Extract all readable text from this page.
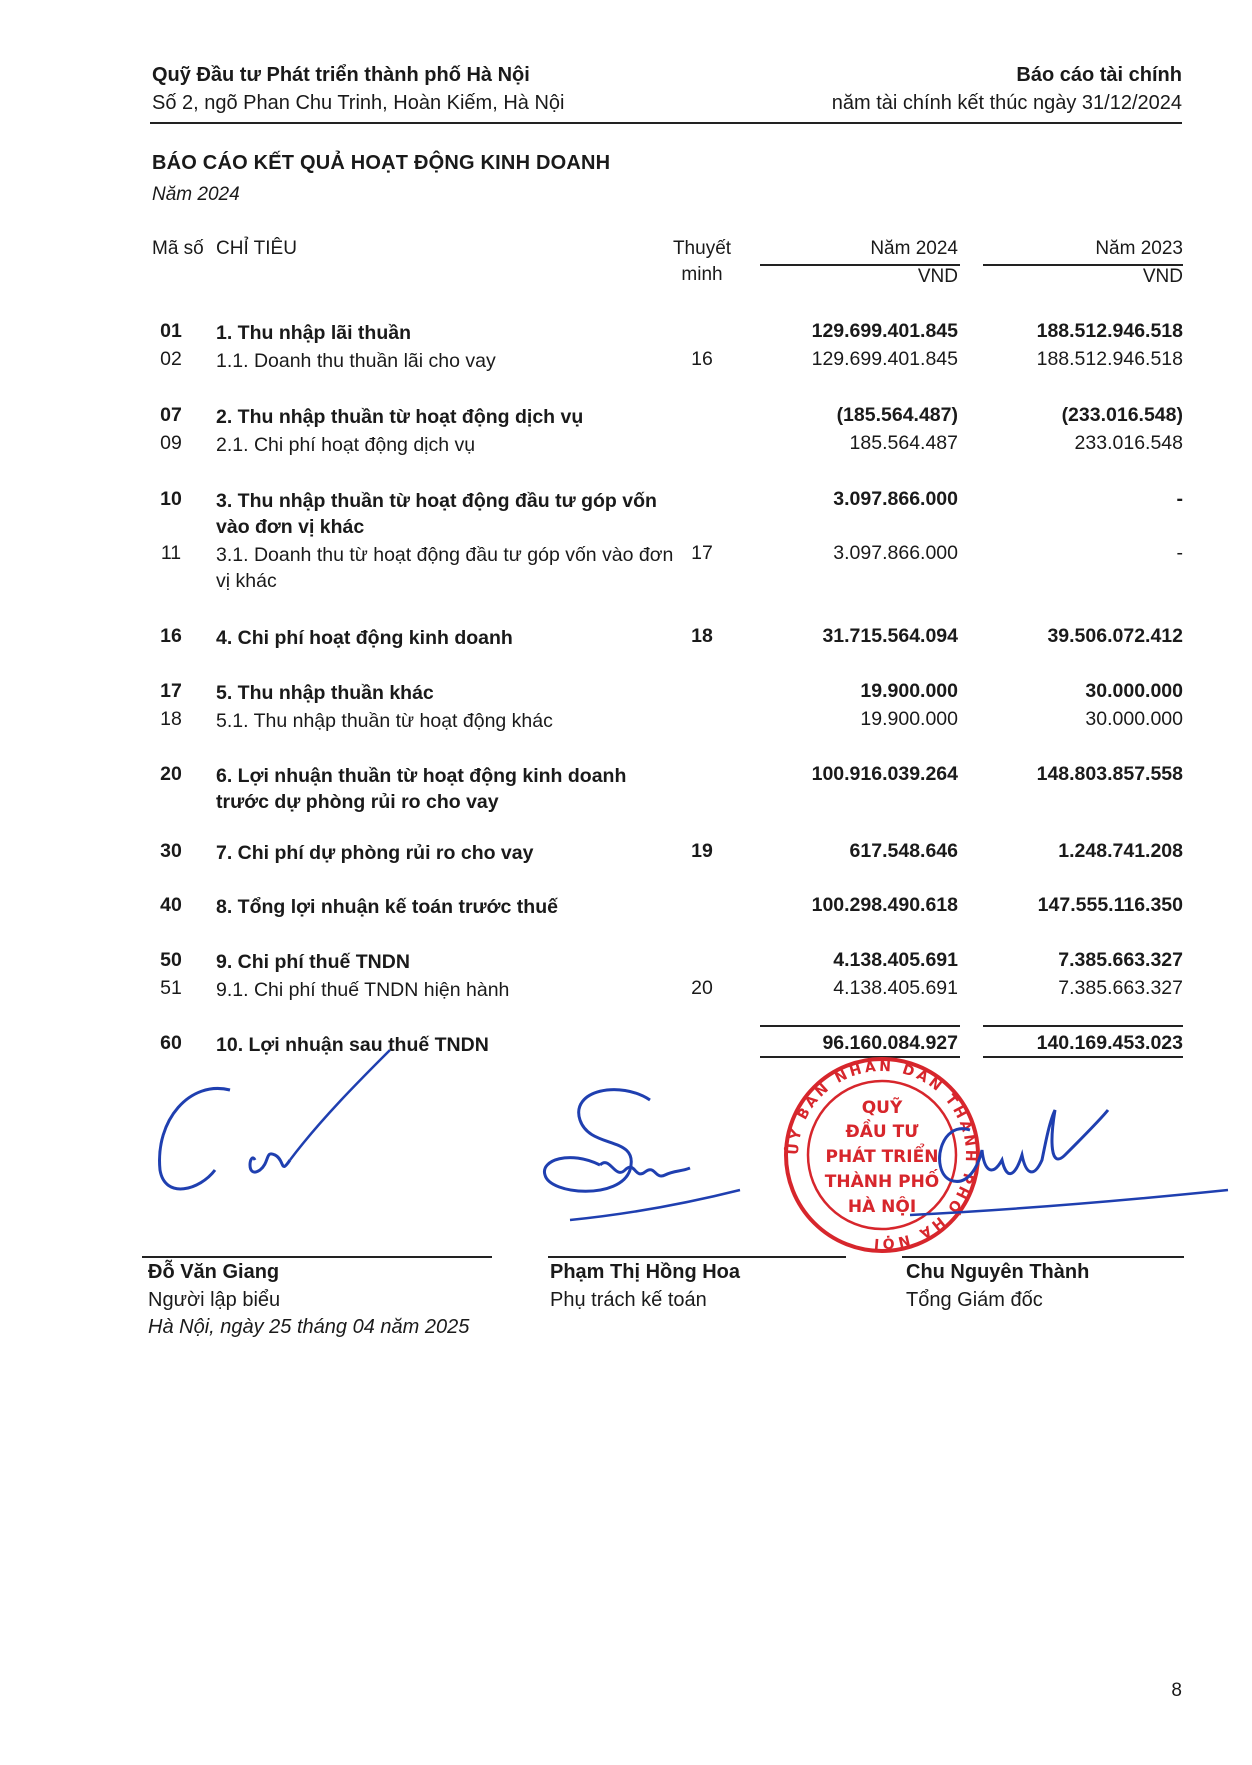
Quỹ Đầu tư Phát triển thành phố Hà Nội
Số 2, ngõ Phan Chu Trinh, Hoàn Kiếm, Hà Nội
Báo cáo tài chính
năm tài chính kết thúc ngày 31/12/2024
BÁO CÁO KẾT QUẢ HOẠT ĐỘNG KINH DOANH
Năm 2024
Mã số CHỈ TIÊU	Thuyết
minh
Năm 2024
VND
Năm 2023
VND
01	1. Thu nhập lãi thuần	129.699.401.845	188.512.946.518
02	1.1. Doanh thu thuần lãi cho vay	16	129.699.401.845	188.512.946.518
07	2. Thu nhập thuần từ hoạt động dịch vụ	(185.564.487)	(233.016.548)
09	2.1. Chi phí hoạt động dịch vụ	185.564.487	233.016.548
10	3. Thu nhập thuần từ hoạt động đầu tư góp vốn vào đơn vị khác
3.097.866.000	-
11	3.1. Doanh thu từ hoạt động đầu tư góp vốn vào đơn vị khác
17	3.097.866.000	-
16	4. Chi phí hoạt động kinh doanh	18	31.715.564.094	39.506.072.412
17	5. Thu nhập thuần khác	19.900.000	30.000.000
18	5.1. Thu nhập thuần từ hoạt động khác	19.900.000	30.000.000
20	6. Lợi nhuận thuần từ hoạt động kinh doanh trước dự phòng rủi ro cho vay
100.916.039.264	148.803.857.558
30	7. Chi phí dự phòng rủi ro cho vay	19	617.548.646	1.248.741.208
40	8. Tổng lợi nhuận kế toán trước thuế	100.298.490.618	147.555.116.350
50	9. Chi phí thuế TNDN	4.138.405.691	7.385.663.327
51	9.1. Chi phí thuế TNDN hiện hành	20	4.138.405.691	7.385.663.327
60	10. Lợi nhuận sau thuế TNDN	96.160.084.927	140.169.453.023
ỦY BAN NHÂN DÂN THÀNH PHỐ HÀ NỘI
QUỸ
ĐẦU TƯ
PHÁT TRIỂN
THÀNH PHỐ
HÀ NỘI
Đỗ Văn Giang
Người lập biểu
Phạm Thị Hồng Hoa
Phụ trách kế toán
Chu Nguyên Thành
Tổng Giám đốc
Hà Nội, ngày 25 tháng 04 năm 2025
8
